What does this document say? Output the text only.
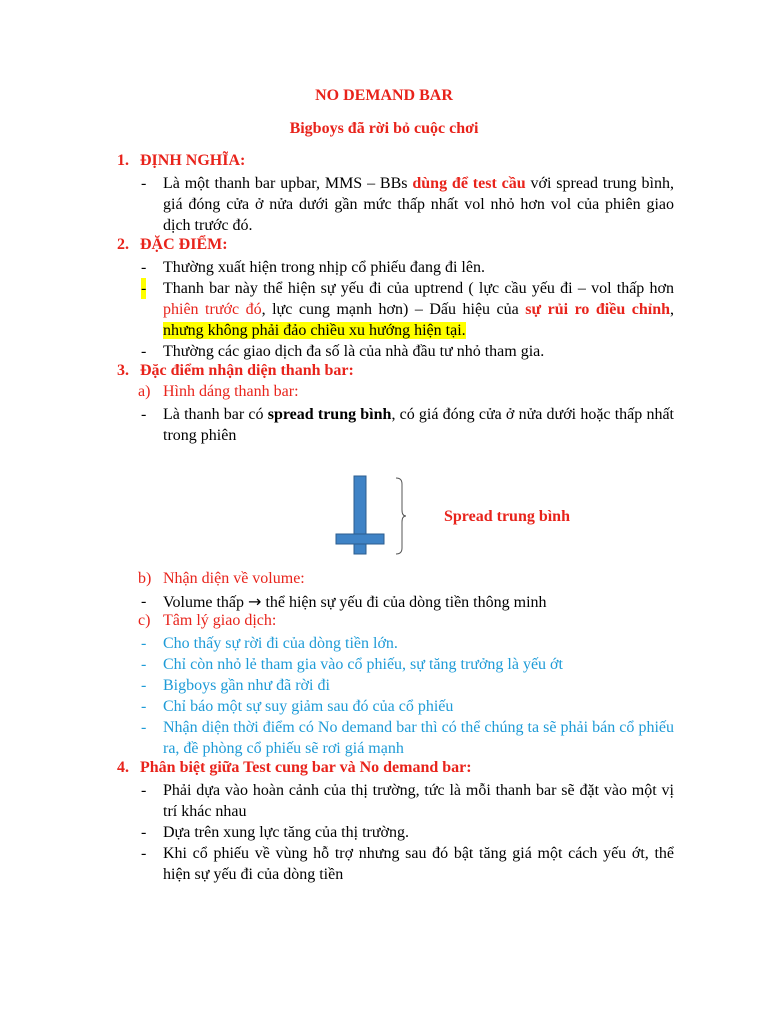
NO DEMAND BAR
Bigboys đã rời bỏ cuộc chơi
1. ĐỊNH NGHĨA:
- Là một thanh bar upbar, MMS – BBs dùng để test cầu với spread trung bình, giá đóng cửa ở nửa dưới gần mức thấp nhất vol nhỏ hơn vol của phiên giao dịch trước đó.
2. ĐẶC ĐIỂM:
- Thường xuất hiện trong nhịp cổ phiếu đang đi lên.
- Thanh bar này thể hiện sự yếu đi của uptrend ( lực cầu yếu đi – vol thấp hơn phiên trước đó, lực cung mạnh hơn) – Dấu hiệu của sự rủi ro điều chỉnh, nhưng không phải đảo chiều xu hướng hiện tại.
- Thường các giao dịch đa số là của nhà đầu tư nhỏ tham gia.
3. Đặc điểm nhận diện thanh bar:
a) Hình dáng thanh bar:
- Là thanh bar có spread trung bình, có giá đóng cửa ở nửa dưới hoặc thấp nhất trong phiên
Spread trung bình
b) Nhận diện về volume:
- Volume thấp → thể hiện sự yếu đi của dòng tiền thông minh
c) Tâm lý giao dịch:
- Cho thấy sự rời đi của dòng tiền lớn.
- Chỉ còn nhỏ lẻ tham gia vào cổ phiếu, sự tăng trưởng là yếu ớt
- Bigboys gần như đã rời đi
- Chỉ báo một sự suy giảm sau đó của cổ phiếu
- Nhận diện thời điểm có No demand bar thì có thể chúng ta sẽ phải bán cổ phiếu ra, đề phòng cổ phiếu sẽ rơi giá mạnh
4. Phân biệt giữa Test cung bar và No demand bar:
- Phải dựa vào hoàn cảnh của thị trường, tức là mỗi thanh bar sẽ đặt vào một vị trí khác nhau
- Dựa trên xung lực tăng của thị trường.
- Khi cổ phiếu về vùng hỗ trợ nhưng sau đó bật tăng giá một cách yếu ớt, thể hiện sự yếu đi của dòng tiền
